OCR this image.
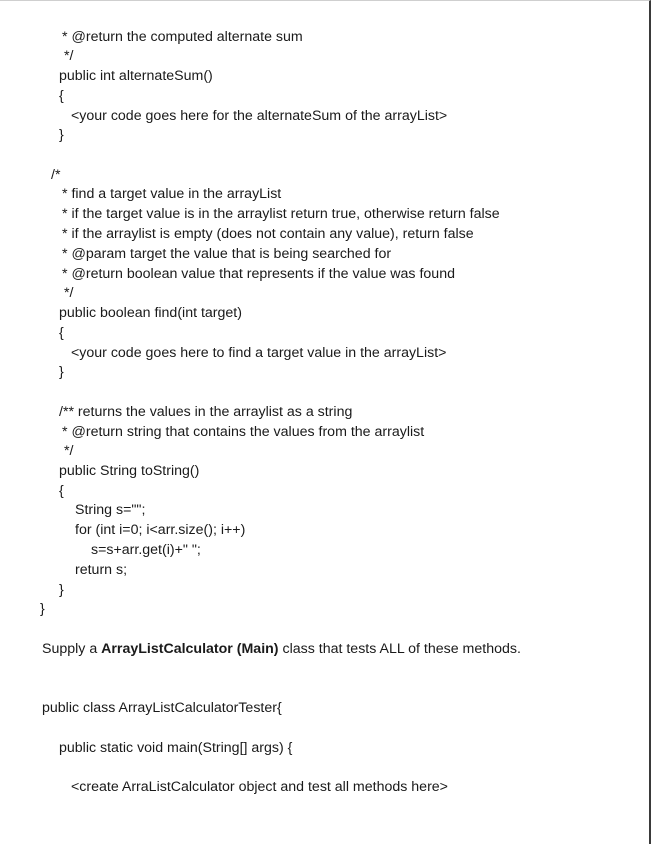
* @return the computed alternate sum
*/
public int alternateSum()
{
<your code goes here for the alternateSum of the arrayList>
}
/*
* find a target value in the arrayList
* if the target value is in the arraylist return true, otherwise return false
* if the arraylist is empty (does not contain any value), return false
* @param target the value that is being searched for
* @return boolean value that represents if the value was found
*/
public boolean find(int target)
{
<your code goes here to find a target value in the arrayList>
}
/** returns the values in the arraylist as a string
* @return string that contains the values from the arraylist
*/
public String toString()
{
String s="";
for (int i=0; i<arr.size(); i++)
s=s+arr.get(i)+" ";
return s;
}
}
Supply a ArrayListCalculator (Main) class that tests ALL of these methods.
public class ArrayListCalculatorTester{
public static void main(String[] args) {
<create ArraListCalculator object and test all methods here>
